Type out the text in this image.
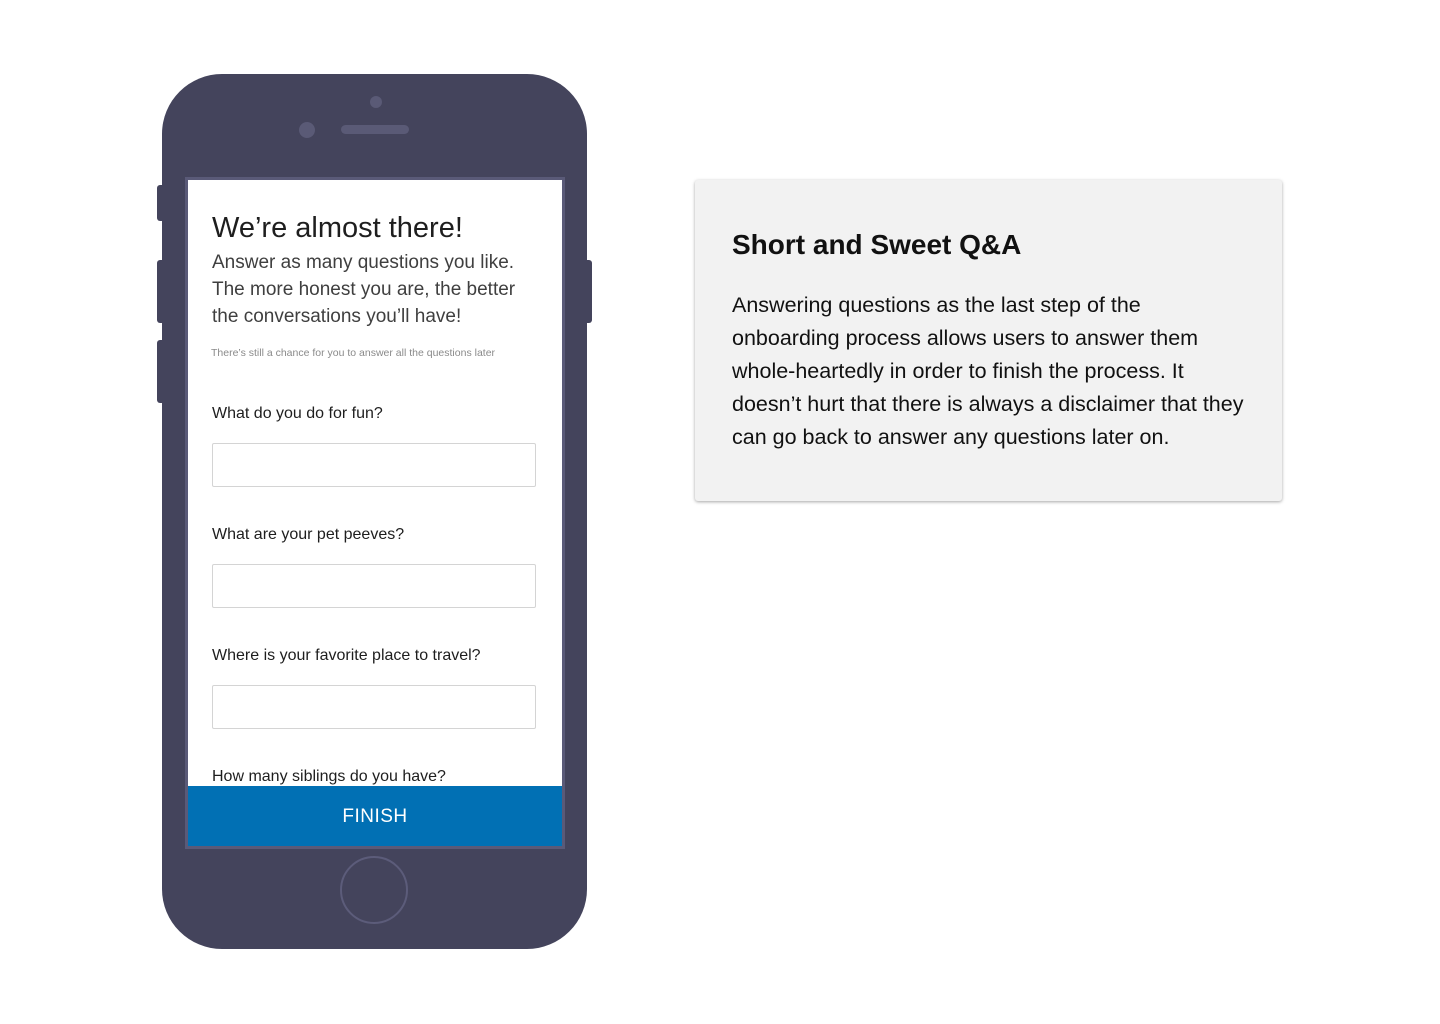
We’re almost there!

Answer as many questions you like. The more honest you are, the better the conversations you’ll have!

There’s still a chance for you to answer all the questions later

What do you do for fun?
What are your pet peeves?
Where is your favorite place to travel?
How many siblings do you have?
FINISH
Short and Sweet Q&A

Answering questions as the last step of the onboarding process allows users to answer them whole-heartedly in order to finish the process. It doesn’t hurt that there is always a disclaimer that they can go back to answer any questions later on.
